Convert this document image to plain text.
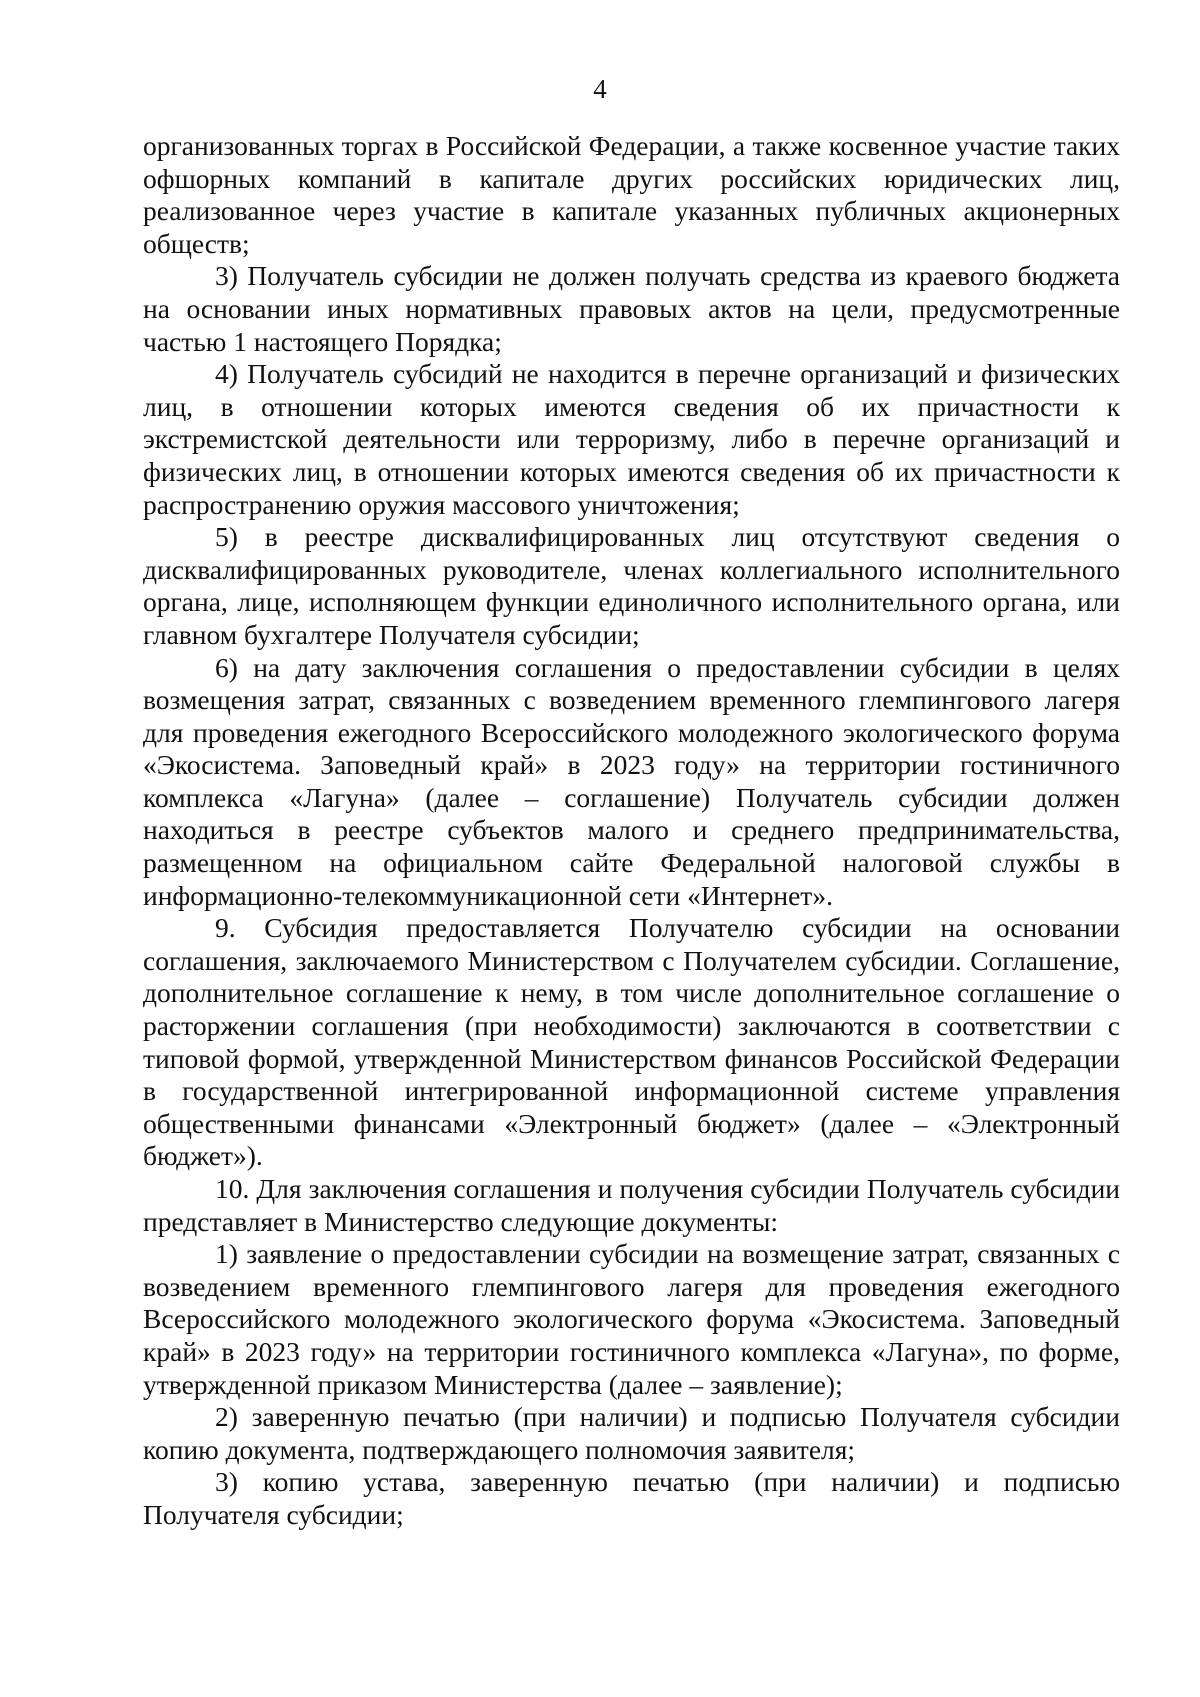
4

организованных торгах в Российской Федерации, а также косвенное участие таких офшорных компаний в капитале других российских юридических лиц, реализованное через участие в капитале указанных публичных акционерных обществ;

3) Получатель субсидии не должен получать средства из краевого бюджета на основании иных нормативных правовых актов на цели, предусмотренные частью 1 настоящего Порядка;

4) Получатель субсидий не находится в перечне организаций и физических лиц, в отношении которых имеются сведения об их причастности к экстремистской деятельности или терроризму, либо в перечне организаций и физических лиц, в отношении которых имеются сведения об их причастности к распространению оружия массового уничтожения;

5) в реестре дисквалифицированных лиц отсутствуют сведения о дисквалифицированных руководителе, членах коллегиального исполнительного органа, лице, исполняющем функции единоличного исполнительного органа, или главном бухгалтере Получателя субсидии;

6) на дату заключения соглашения о предоставлении субсидии в целях возмещения затрат, связанных с возведением временного глемпингового лагеря для проведения ежегодного Всероссийского молодежного экологического форума «Экосистема. Заповедный край» в 2023 году» на территории гостиничного комплекса «Лагуна» (далее – соглашение) Получатель субсидии должен находиться в реестре субъектов малого и среднего предпринимательства, размещенном на официальном сайте Федеральной налоговой службы в информационно-телекоммуникационной сети «Интернет».

9. Субсидия предоставляется Получателю субсидии на основании соглашения, заключаемого Министерством с Получателем субсидии. Соглашение, дополнительное соглашение к нему, в том числе дополнительное соглашение о расторжении соглашения (при необходимости) заключаются в соответствии с типовой формой, утвержденной Министерством финансов Российской Федерации в государственной интегрированной информационной системе управления общественными финансами «Электронный бюджет» (далее – «Электронный бюджет»).

10. Для заключения соглашения и получения субсидии Получатель субсидии представляет в Министерство следующие документы:

1) заявление о предоставлении субсидии на возмещение затрат, связанных с возведением временного глемпингового лагеря для проведения ежегодного Всероссийского молодежного экологического форума «Экосистема. Заповедный край» в 2023 году» на территории гостиничного комплекса «Лагуна», по форме, утвержденной приказом Министерства (далее – заявление);

2) заверенную печатью (при наличии) и подписью Получателя субсидии копию документа, подтверждающего полномочия заявителя;

3) копию устава, заверенную печатью (при наличии) и подписью Получателя субсидии;
